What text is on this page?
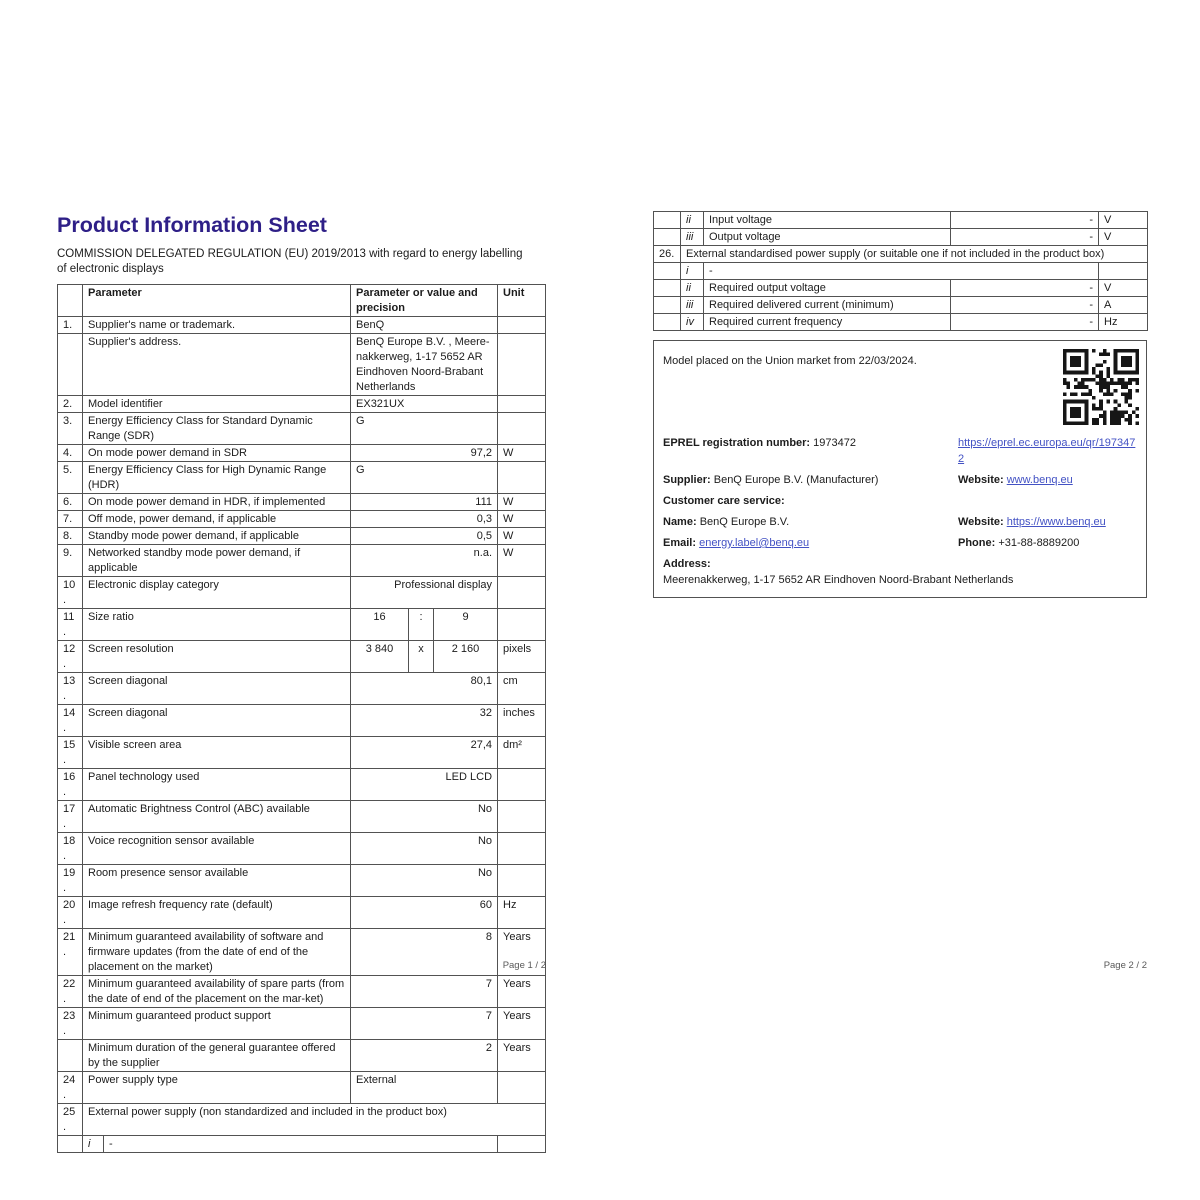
Product Information Sheet

COMMISSION DELEGATED REGULATION (EU) 2019/2013 with regard to energy labelling of electronic displays

	Parameter		Parameter or value and precision			Unit
1.	Supplier's name or trademark.		BenQ			
	Supplier's address.		BenQ Europe B.V. , Meere-nakkerweg, 1-17 5652 AR Eindhoven Noord-Brabant Netherlands			
2.	Model identifier		EX321UX			
3.	Energy Efficiency Class for Standard Dynamic Range (SDR)		G			
4.	On mode power demand in SDR		97,2			W
5.	Energy Efficiency Class for High Dynamic Range (HDR)		G			
6.	On mode power demand in HDR, if implemented		111			W
7.	Off mode, power demand, if applicable		0,3			W
8.	Standby mode power demand, if applicable		0,5			W
9.	Networked standby mode power demand, if applicable		n.a.			W
10.	Electronic display category		Professional display			
11.	Size ratio		16	:	9	
12.	Screen resolution		3 840	x	2 160	pixels
13.	Screen diagonal		80,1			cm
14.	Screen diagonal		32			inches
15.	Visible screen area		27,4			dm²
16.	Panel technology used		LED LCD			
17.	Automatic Brightness Control (ABC) available		No			
18.	Voice recognition sensor available		No			
19.	Room presence sensor available		No			
20.	Image refresh frequency rate (default)		60			Hz
21.	Minimum guaranteed availability of software and firmware updates (from the date of end of the placement on the market)		8			Years
22.	Minimum guaranteed availability of spare parts (from the date of end of the placement on the mar-ket)		7			Years
23.	Minimum guaranteed product support		7			Years
	Minimum duration of the general guarantee offered by the supplier		2			Years
24.	Power supply type		External			
25.	External power supply (non standardized and included in the product box)					
	i	-				
Page 1 / 2
	ii	Input voltage	-	V
	iii	Output voltage	-	V
26.	External standardised power supply (or suitable one if not included in the product box)			
	i	-		
	ii	Required output voltage	-	V
	iii	Required delivered current (minimum)	-	A
	iv	Required current frequency	-	Hz

Model placed on the Union market from 22/03/2024.

EPREL registration number: 1973472	https://eprel.ec.europa.eu/qr/1973472
Supplier: BenQ Europe B.V. (Manufacturer)	Website: www.benq.eu
Customer care service:
Name: BenQ Europe B.V.	Website: https://www.benq.eu
Email: energy.label@benq.eu	Phone: +31-88-8889200
Address:
Meerenakkerweg, 1-17 5652 AR Eindhoven Noord-Brabant Netherlands
Page 2 / 2
